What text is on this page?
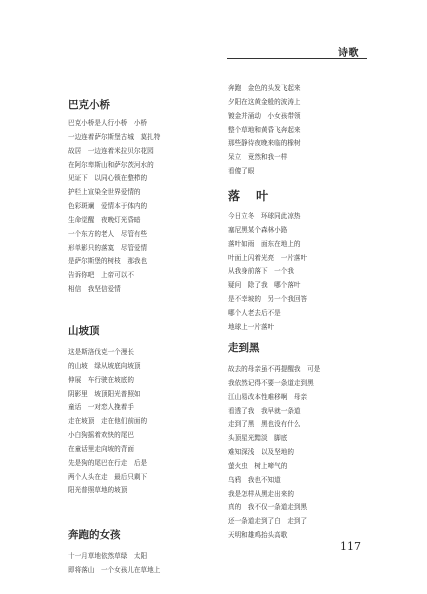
诗歌
巴克小桥
巴克小桥是人行小桥　小桥
一边连着萨尔斯堡古城　莫扎特
故居　一边连着米拉贝尔花园
在阿尔卑斯山和萨尔茨河水的
见证下　以同心锁在整栉的
护栏上宣染全世界爱情的
色彩斑斓　爱情本于体内的
生命觉醒　夜晚灯光昏暗
一个东方的老人　尽管有些
形单影只的落寞　尽管爱情
是萨尔斯堡的树枝　那我也
告诉你吧　上帝可以不
相信　我坚信爱情
山坡顶
这是斯洛伐克一个漫长
的山坡　绿从坡底向坡顶
伸展　车行驶在坡底的
阴影里　坡顶阳光普照如
童话　一对恋人挽着手
走在坡顶　走在他们前面的
小白狗摇着欢快的尾巴
在童话里走向坡的背面
先是狗的尾巴在行走　后是
两个人头在走　最后只剩下
阳光普照草地的坡顶
奔跑的女孩
十一月草地依然草绿　太阳
即将落山　一个女孩儿在草地上
奔跑　金色的头发飞起来
夕阳在这黄金般的波涛上
镀金并涌动　小女孩带领
整个草地和黄昏飞奔起来
那些静待夜晚来临的橡树
呆立　竟然和我一样
看傻了眼
落 叶
今日立冬　环球同此凉热
塞尼黑某个森林小路
落叶如雨　面东在地上的
叶面上闪着光亮　一片落叶
从我身前落下　一个我
疑问　除了我　哪个落叶
是不幸坡的　另一个我回答
哪个人老去后不是
地球上一片落叶
走到黑
故去的母亲虽不再提醒我　可是
我依然记得不要一条道走到黑
江山易改本性难移啊　母亲
看透了我　我早就一条道
走到了黑　黑也没有什么
头顶星光黯淡　脚底
难知深浅　以及坚地的
萤火虫　树上啼气的
乌鸦　我也不知道
我是怎样从黑走出来的
真的　我不仅一条道走到黑
还一条道走到了白　走到了
天明和雄鸡抬头高歌
117
